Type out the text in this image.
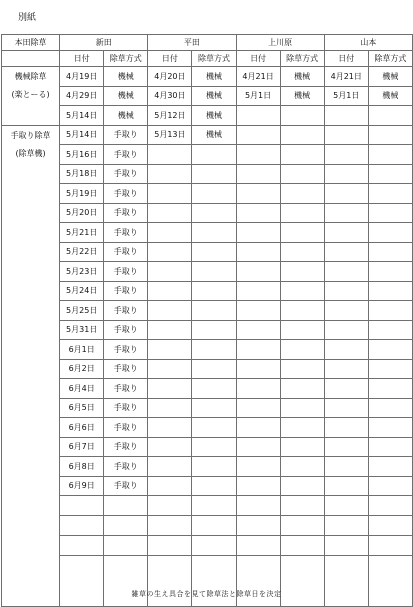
別紙
本田除草	新田		平田		上川原		山本	
	日付	除草方式	日付	除草方式	日付	除草方式	日付	除草方式

機械除草
(楽とーる)	4月19日	機械	4月20日	機械	4月21日	機械	4月21日	機械
	4月29日	機械	4月30日	機械	5月1日	機械	5月1日	機械
	5月14日	機械	5月12日	機械				

手取り除草
(除草機)	5月14日	手取り	5月13日	機械				
	5月16日	手取り						
	5月18日	手取り						
	5月19日	手取り						
	5月20日	手取り						
	5月21日	手取り						
	5月22日	手取り						
	5月23日	手取り						
	5月24日	手取り						
	5月25日	手取り						
	5月31日	手取り						
	6月1日	手取り						
	6月2日	手取り						
	6月4日	手取り						
	6月5日	手取り						
	6月6日	手取り						
	6月7日	手取り						
	6月8日	手取り						
	6月9日	手取り						

雑草の生え具合を見て除草法と除草日を決定
